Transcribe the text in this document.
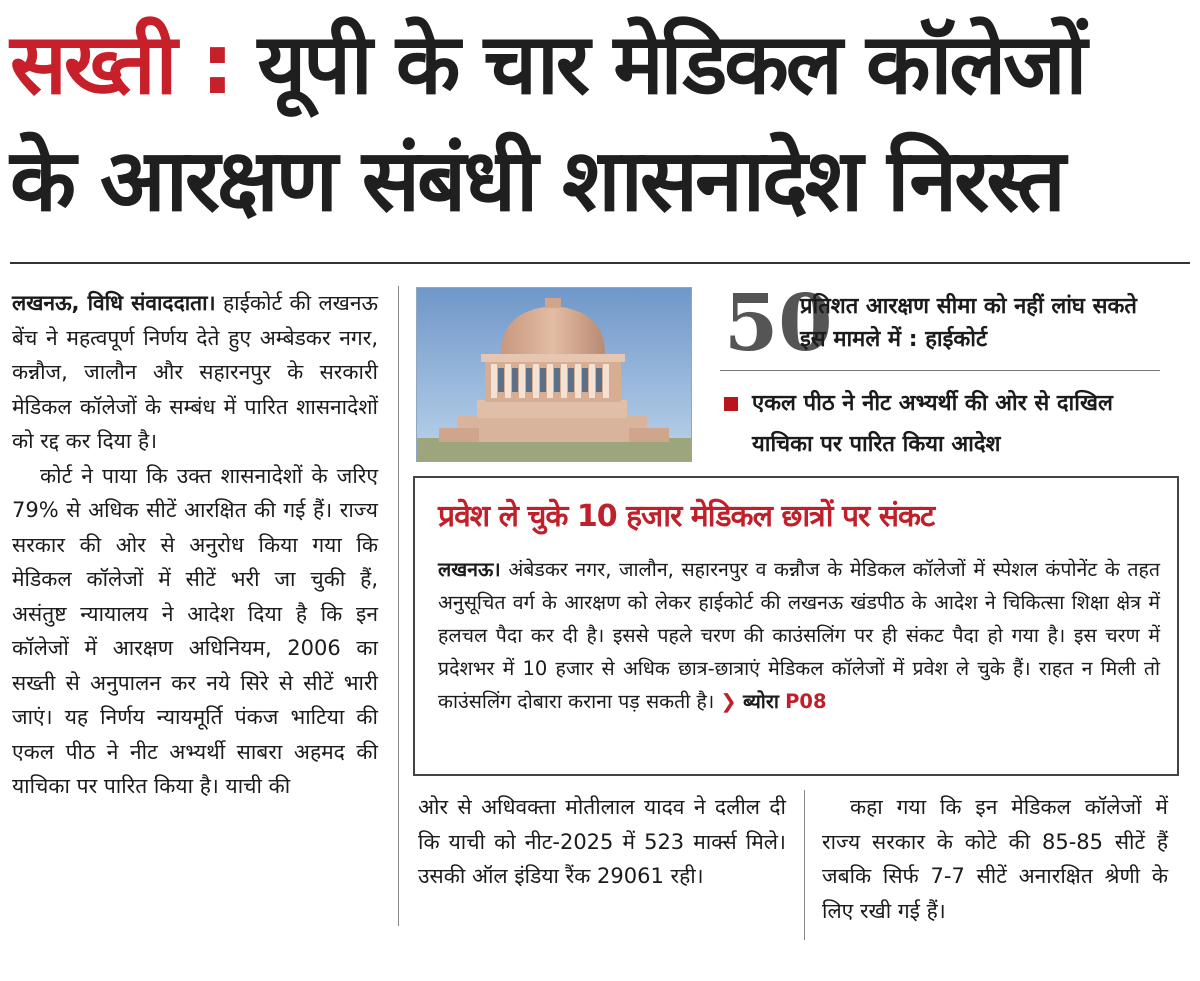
सख्ती : यूपी के चार मेडिकल कॉलेजों
के आरक्षण संबंधी शासनादेश निरस्त

लखनऊ, विधि संवाददाता। हाईकोर्ट की लखनऊ बेंच ने महत्वपूर्ण निर्णय देते हुए अम्बेडकर नगर, कन्नौज, जालौन और सहारनपुर के सरकारी मेडिकल कॉलेजों के सम्बंध में पारित शासनादेशों को रद्द कर दिया है।

कोर्ट ने पाया कि उक्त शासनादेशों के जरिए 79% से अधिक सीटें आरक्षित की गई हैं। राज्य सरकार की ओर से अनुरोध किया गया कि मेडिकल कॉलेजों में सीटें भरी जा चुकी हैं, असंतुष्ट न्यायालय ने आदेश दिया है कि इन कॉलेजों में आरक्षण अधिनियम, 2006 का सख्ती से अनुपालन कर नये सिरे से सीटें भारी जाएं। यह निर्णय न्यायमूर्ति पंकज भाटिया की एकल पीठ ने नीट अभ्यर्थी साबरा अहमद की याचिका पर पारित किया है। याची की

50
प्रतिशत आरक्षण सीमा को नहीं लांघ सकते इस मामले में : हाईकोर्ट
एकल पीठ ने नीट अभ्यर्थी की ओर से दाखिल याचिका पर पारित किया आदेश
प्रवेश ले चुके 10 हजार मेडिकल छात्रों पर संकट
लखनऊ। अंबेडकर नगर, जालौन, सहारनपुर व कन्नौज के मेडिकल कॉलेजों में स्पेशल कंपोनेंट के तहत अनुसूचित वर्ग के आरक्षण को लेकर हाईकोर्ट की लखनऊ खंडपीठ के आदेश ने चिकित्सा शिक्षा क्षेत्र में हलचल पैदा कर दी है। इससे पहले चरण की काउंसलिंग पर ही संकट पैदा हो गया है। इस चरण में प्रदेशभर में 10 हजार से अधिक छात्र-छात्राएं मेडिकल कॉलेजों में प्रवेश ले चुके हैं। राहत न मिली तो काउंसलिंग दोबारा कराना पड़ सकती है। ❯ ब्योरा P08

ओर से अधिवक्ता मोतीलाल यादव ने दलील दी कि याची को नीट-2025 में 523 मार्क्स मिले। उसकी ऑल इंडिया रैंक 29061 रही।

कहा गया कि इन मेडिकल कॉलेजों में राज्य सरकार के कोटे की 85-85 सीटें हैं जबकि सिर्फ 7-7 सीटें अनारक्षित श्रेणी के लिए रखी गई हैं।
